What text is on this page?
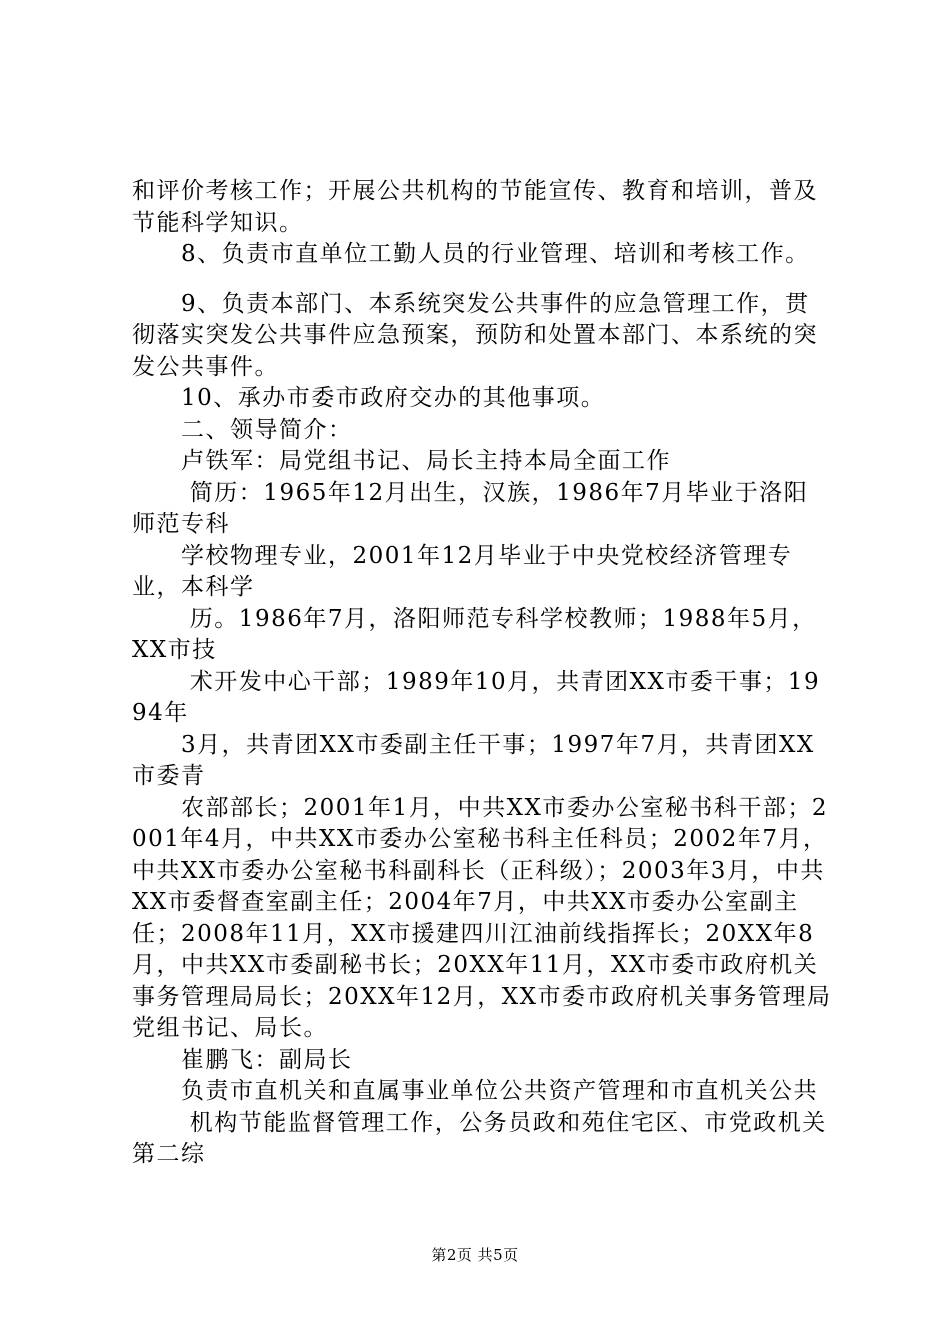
和评价考核工作；开展公共机构的节能宣传、教育和培训，普及节能科学知识。

　　8、负责市直单位工勤人员的行业管理、培训和考核工作。

　　9、负责本部门、本系统突发公共事件的应急管理工作，贯彻落实突发公共事件应急预案，预防和处置本部门、本系统的突发公共事件。

　　10、承办市委市政府交办的其他事项。

　　二、领导简介：

　　卢铁军：局党组书记、局长主持本局全面工作

　　 简历：1965年12月出生，汉族，1986年7月毕业于洛阳师范专科

　　学校物理专业，2001年12月毕业于中央党校经济管理专业，本科学

　　 历。1986年7月，洛阳师范专科学校教师；1988年5月，XX市技

　　 术开发中心干部；1989年10月，共青团XX市委干事；1994年

　　3月，共青团XX市委副主任干事；1997年7月，共青团XX市委青

　　农部部长；2001年1月，中共XX市委办公室秘书科干部；2001年4月，中共XX市委办公室秘书科主任科员；2002年7月，中共XX市委办公室秘书科副科长（正科级）；2003年3月，中共XX市委督查室副主任；2004年7月，中共XX市委办公室副主任；2008年11月，XX市援建四川江油前线指挥长；20XX年8月，中共XX市委副秘书长；20XX年11月，XX市委市政府机关事务管理局局长；20XX年12月，XX市委市政府机关事务管理局党组书记、局长。

　　崔鹏飞：副局长

　　负责市直机关和直属事业单位公共资产管理和市直机关公共

　　 机构节能监督管理工作，公务员政和苑住宅区、市党政机关第二综

第2页 共5页
